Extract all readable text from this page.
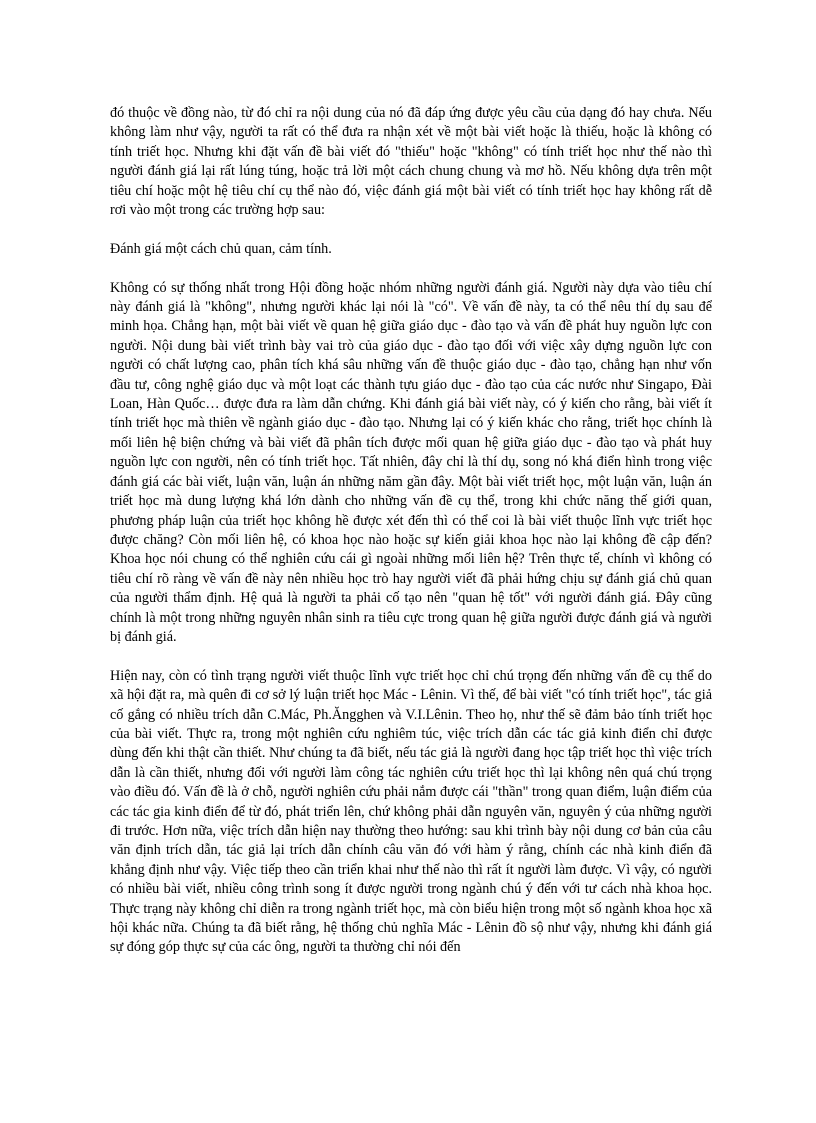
đó thuộc về đồng nào, từ đó chỉ ra nội dung của nó đã đáp ứng được yêu cầu của dạng đó hay chưa. Nếu không làm như vậy, người ta rất có thể đưa ra nhận xét về một bài viết hoặc là thiếu, hoặc là không có tính triết học. Nhưng khi đặt vấn đề bài viết đó "thiếu" hoặc "không" có tính triết học như thế nào thì người đánh giá lại rất lúng túng, hoặc trả lời một cách chung chung và mơ hồ. Nếu không dựa trên một tiêu chí hoặc một hệ tiêu chí cụ thể nào đó, việc đánh giá một bài viết có tính triết học hay không rất dễ rơi vào một trong các trường hợp sau:

Đánh giá một cách chủ quan, cảm tính.

Không có sự thống nhất trong Hội đồng hoặc nhóm những người đánh giá. Người này dựa vào tiêu chí này đánh giá là "không", nhưng người khác lại nói là "có". Về vấn đề này, ta có thể nêu thí dụ sau để minh họa. Chẳng hạn, một bài viết về quan hệ giữa giáo dục - đào tạo và vấn đề phát huy nguồn lực con người. Nội dung bài viết trình bày vai trò của giáo dục - đào tạo đối với việc xây dựng nguồn lực con người có chất lượng cao, phân tích khá sâu những vấn đề thuộc giáo dục - đào tạo, chẳng hạn như vốn đầu tư, công nghệ giáo dục và một loạt các thành tựu giáo dục - đào tạo của các nước như Singapo, Đài Loan, Hàn Quốc… được đưa ra làm dẫn chứng. Khi đánh giá bài viết này, có ý kiến cho rằng, bài viết ít tính triết học mà thiên về ngành giáo dục - đào tạo. Nhưng lại có ý kiến khác cho rằng, triết học chính là mối liên hệ biện chứng và bài viết đã phân tích được mối quan hệ giữa giáo dục - đào tạo và phát huy nguồn lực con người, nên có tính triết học. Tất nhiên, đây chỉ là thí dụ, song nó khá điển hình trong việc đánh giá các bài viết, luận văn, luận án những năm gần đây. Một bài viết triết học, một luận văn, luận án triết học mà dung lượng khá lớn dành cho những vấn đề cụ thể, trong khi chức năng thế giới quan, phương pháp luận của triết học không hề được xét đến thì có thể coi là bài viết thuộc lĩnh vực triết học được chăng? Còn mối liên hệ, có khoa học nào hoặc sự kiến giải khoa học nào lại không đề cập đến? Khoa học nói chung có thể nghiên cứu cái gì ngoài những mối liên hệ? Trên thực tế, chính vì không có tiêu chí rõ ràng về vấn đề này nên nhiều học trò hay người viết đã phải hứng chịu sự đánh giá chủ quan của người thẩm định. Hệ quả là người ta phải cố tạo nên "quan hệ tốt" với người đánh giá. Đây cũng chính là một trong những nguyên nhân sinh ra tiêu cực trong quan hệ giữa người được đánh giá và người bị đánh giá.

Hiện nay, còn có tình trạng người viết thuộc lĩnh vực triết học chỉ chú trọng đến những vấn đề cụ thể do xã hội đặt ra, mà quên đi cơ sở lý luận triết học Mác - Lênin. Vì thế, để bài viết "có tính triết học", tác giả cố gắng có nhiều trích dẫn C.Mác, Ph.Ăngghen và V.I.Lênin. Theo họ, như thế sẽ đảm bảo tính triết học của bài viết. Thực ra, trong một nghiên cứu nghiêm túc, việc trích dẫn các tác giả kinh điển chỉ được dùng đến khi thật cần thiết. Như chúng ta đã biết, nếu tác giả là người đang học tập triết học thì việc trích dẫn là cần thiết, nhưng đối với người làm công tác nghiên cứu triết học thì lại không nên quá chú trọng vào điều đó. Vấn đề là ở chỗ, người nghiên cứu phải nắm được cái "thần" trong quan điểm, luận điểm của các tác gia kinh điển để từ đó, phát triển lên, chứ không phải dẫn nguyên văn, nguyên ý của những người đi trước. Hơn nữa, việc trích dẫn hiện nay thường theo hướng: sau khi trình bày nội dung cơ bản của câu văn định trích dẫn, tác giả lại trích dẫn chính câu văn đó với hàm ý rằng, chính các nhà kinh điển đã khẳng định như vậy. Việc tiếp theo cần triển khai như thế nào thì rất ít người làm được. Vì vậy, có người có nhiều bài viết, nhiều công trình song ít được người trong ngành chú ý đến với tư cách nhà khoa học. Thực trạng này không chỉ diễn ra trong ngành triết học, mà còn biểu hiện trong một số ngành khoa học xã hội khác nữa. Chúng ta đã biết rằng, hệ thống chủ nghĩa Mác - Lênin đồ sộ như vậy, nhưng khi đánh giá sự đóng góp thực sự của các ông, người ta thường chỉ nói đến
